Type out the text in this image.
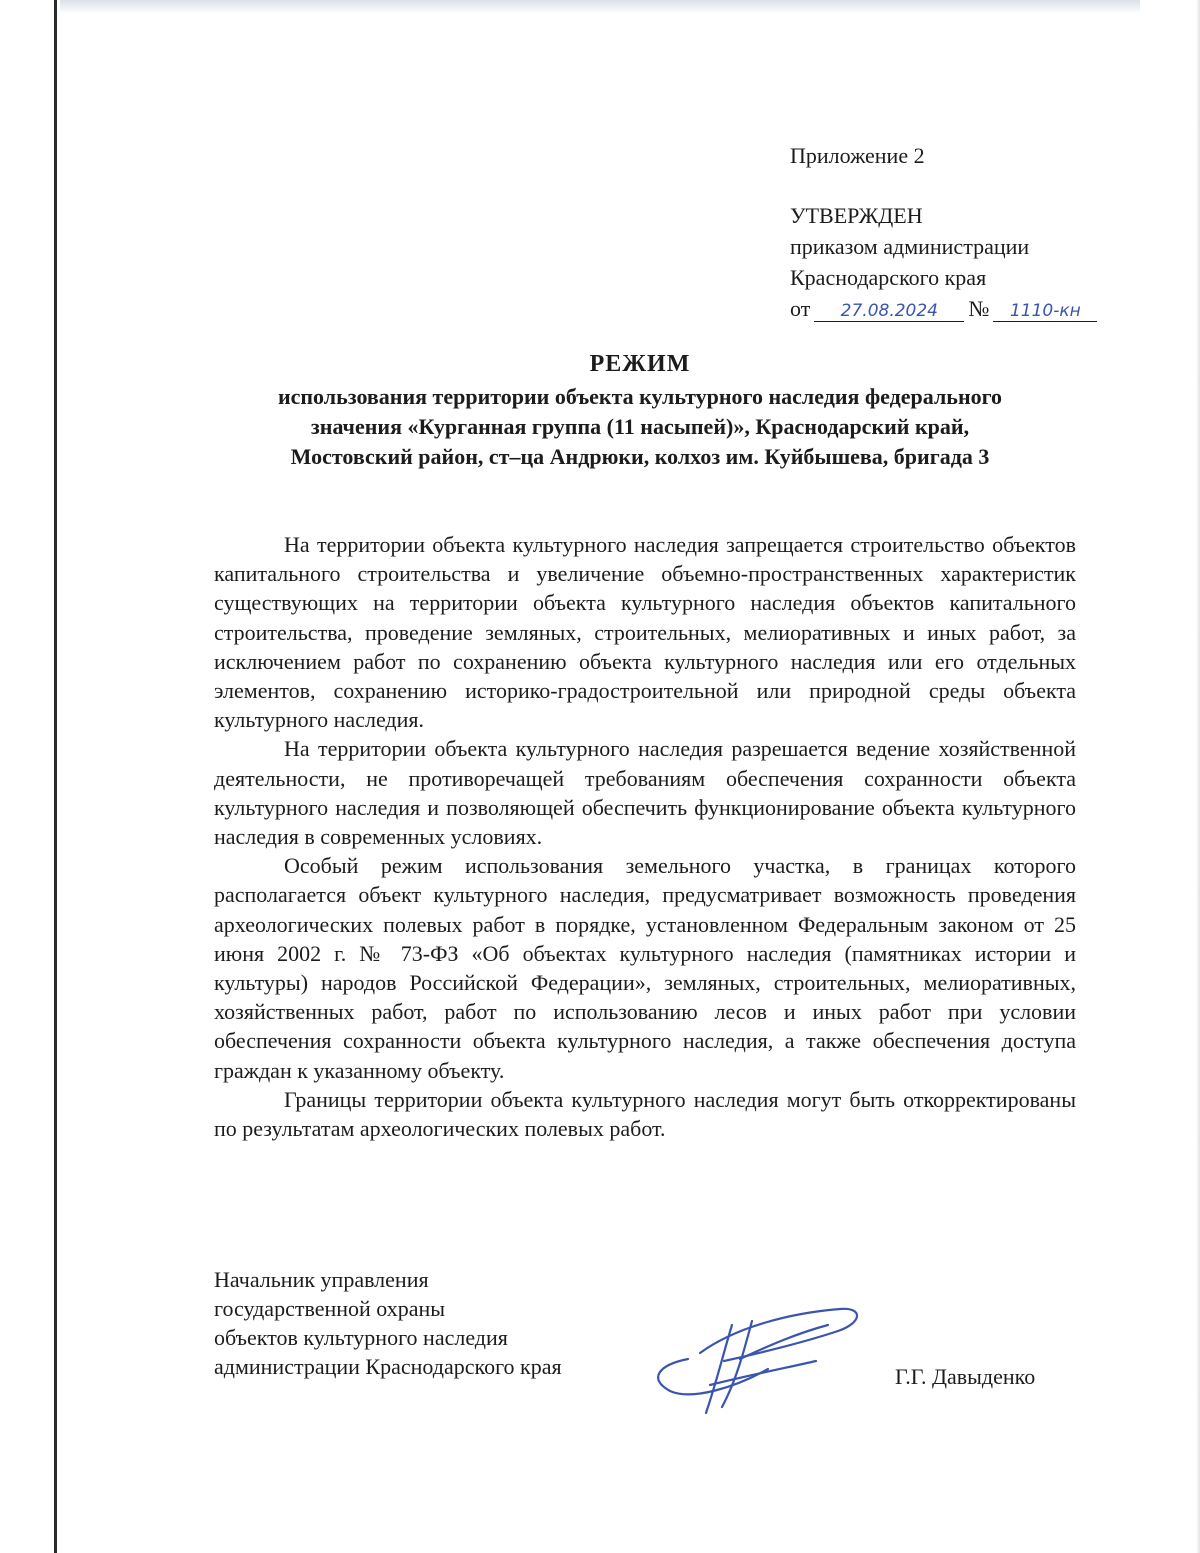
Приложение 2
УТВЕРЖДЕН
приказом администрации
Краснодарского края
от	27.08.2024	№	1110-кн
РЕЖИМ
использования территории объекта культурного наследия федерального
значения «Курганная группа (11 насыпей)», Краснодарский край,
Мостовский район, ст–ца Андрюки, колхоз им. Куйбышева, бригада 3

На территории объекта культурного наследия запрещается строительство объектов капитального строительства и увеличение объемно-пространственных характеристик существующих на территории объекта культурного наследия объектов капитального строительства, проведение земляных, строительных, мелиоративных и иных работ, за исключением работ по сохранению объекта культурного наследия или его отдельных элементов, сохранению историко-градостроительной или природной среды объекта культурного наследия.

На территории объекта культурного наследия разрешается ведение хозяйственной деятельности, не противоречащей требованиям обеспечения сохранности объекта культурного наследия и позволяющей обеспечить функционирование объекта культурного наследия в современных условиях.

Особый режим использования земельного участка, в границах которого располагается объект культурного наследия, предусматривает возможность проведения археологических полевых работ в порядке, установленном Федеральным законом от 25 июня 2002 г. № 73-ФЗ «Об объектах культурного наследия (памятниках истории и культуры) народов Российской Федерации», земляных, строительных, мелиоративных, хозяйственных работ, работ по использованию лесов и иных работ при условии обеспечения сохранности объекта культурного наследия, а также обеспечения доступа граждан к указанному объекту.

Границы территории объекта культурного наследия могут быть откорректированы по результатам археологических полевых работ.

Начальник управления
государственной охраны
объектов культурного наследия
администрации Краснодарского края	Г.Г. Давыденко
